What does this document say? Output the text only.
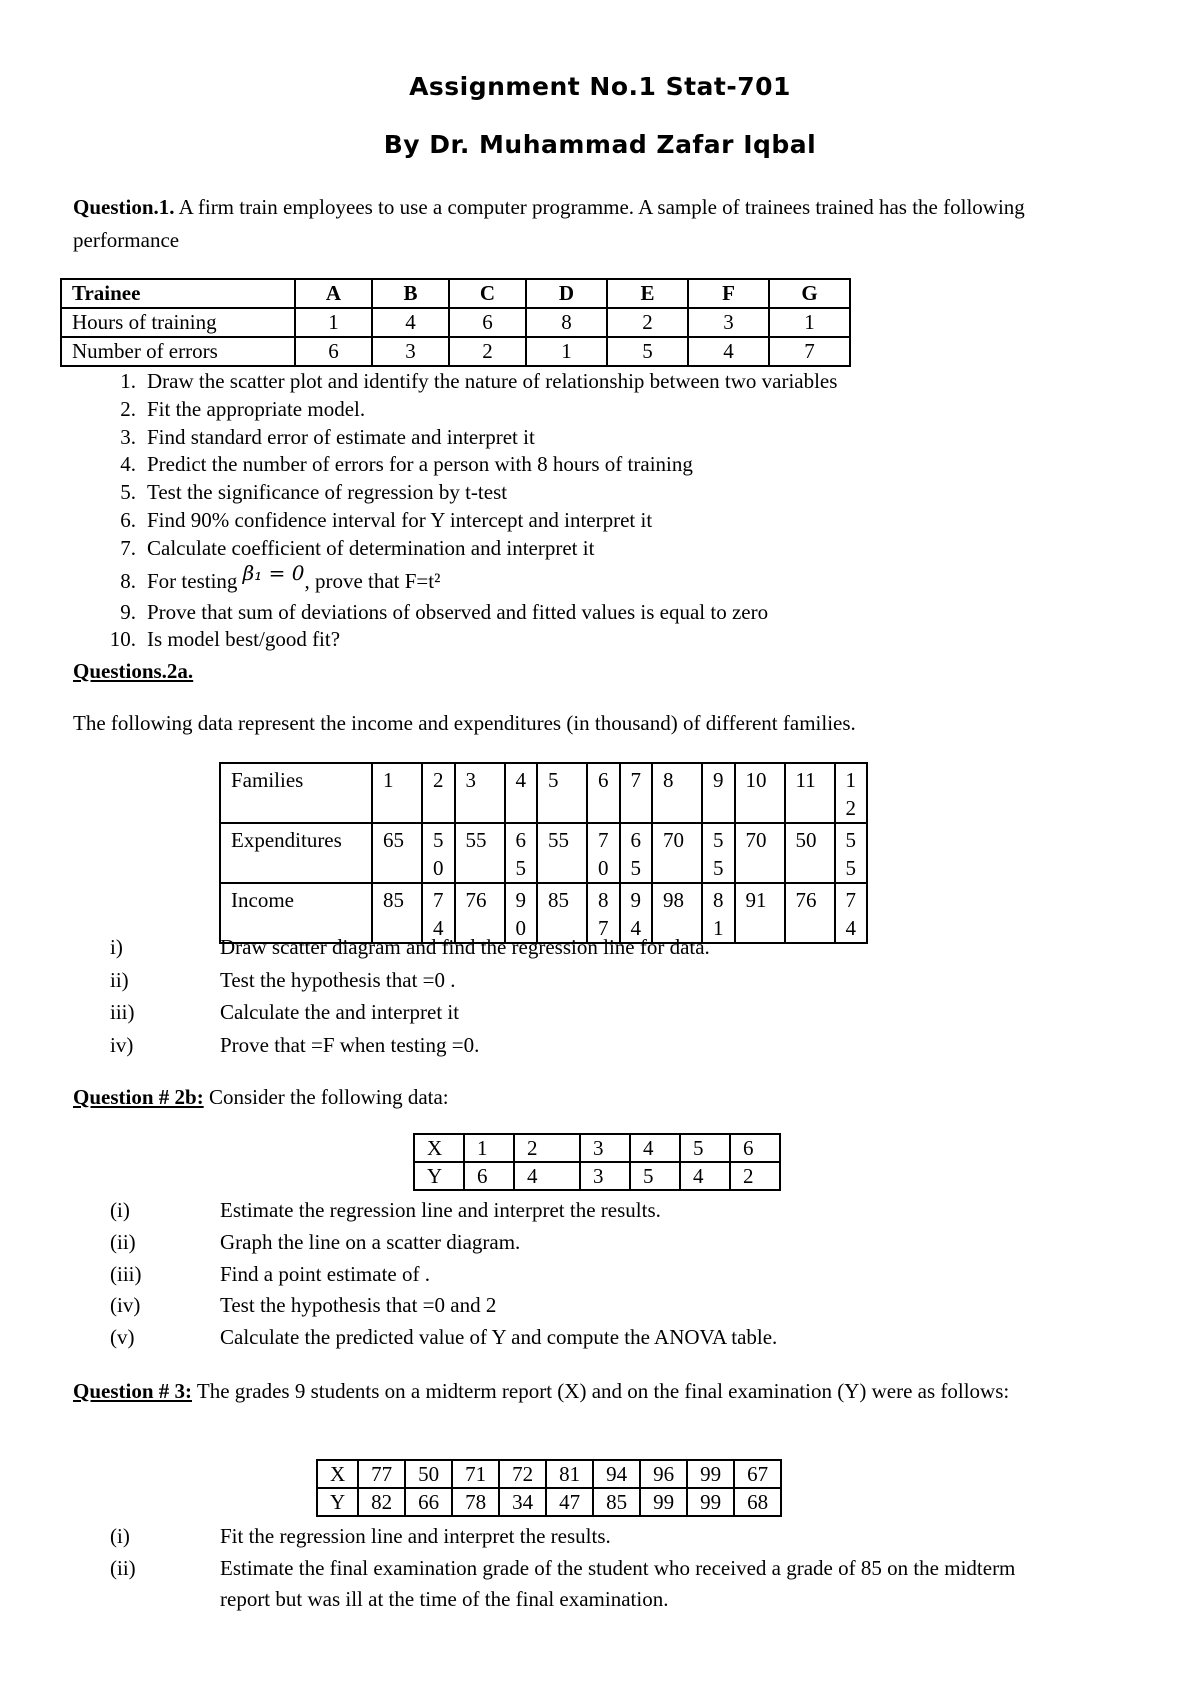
Assignment No.1 Stat-701
By Dr. Muhammad Zafar Iqbal
Question.1. A firm train employees to use a computer programme. A sample of trainees trained has the following performance
Trainee	A	B	C	D	E	F	G
Hours of training	1	4	6	8	2	3	1
Number of errors	6	3	2	1	5	4	7
1. Draw the scatter plot and identify the nature of relationship between two variables
2. Fit the appropriate model.
3. Find standard error of estimate and interpret it
4. Predict the number of errors for a person with 8 hours of training
5. Test the significance of regression by t-test
6. Find 90% confidence interval for Y intercept and interpret it
7. Calculate coefficient of determination and interpret it
8. For testing β₁ = 0, prove that F=t²
9. Prove that sum of deviations of observed and fitted values is equal to zero
10. Is model best/good fit?
Questions.2a.
The following data represent the income and expenditures (in thousand) of different families.
Families	1	2	3	4	5	6	7	8	9	10	11	12
Expenditures	65	50	55	65	55	70	65	70	55	70	50	55
Income	85	74	76	90	85	87	94	98	81	91	76	74
i)	Draw scatter diagram and find the regression line for data.
ii)	Test the hypothesis that =0 .
iii)	Calculate the and interpret it
iv)	Prove that =F when testing =0.
Question # 2b: Consider the following data:
X	1	2	3	4	5	6
Y	6	4	3	5	4	2
(i)	Estimate the regression line and interpret the results.
(ii)	Graph the line on a scatter diagram.
(iii)	Find a point estimate of .
(iv)	Test the hypothesis that =0 and 2
(v)	Calculate the predicted value of Y and compute the ANOVA table.
Question # 3: The grades 9 students on a midterm report (X) and on the final examination (Y) were as follows:
X	77	50	71	72	81	94	96	99	67
Y	82	66	78	34	47	85	99	99	68
(i)	Fit the regression line and interpret the results.
(ii)	Estimate the final examination grade of the student who received a grade of 85 on the midterm
report but was ill at the time of the final examination.
